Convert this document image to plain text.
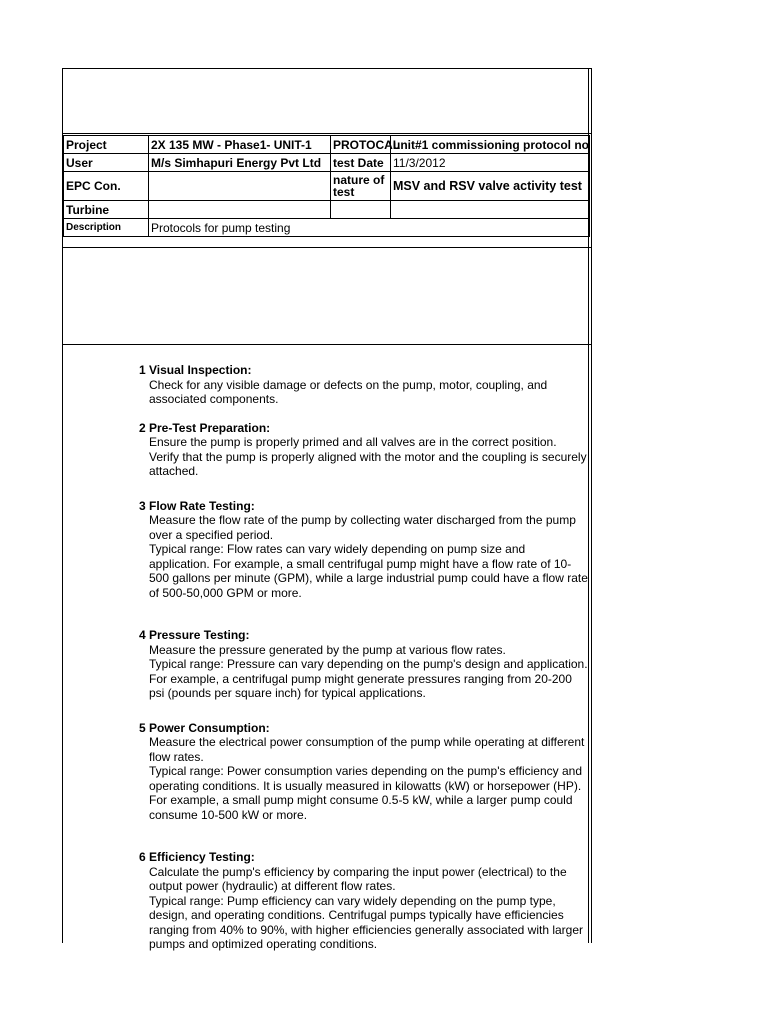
Project	2X 135 MW - Phase1- UNIT-1	PROTOCAL	unit#1 commissioning protocol no
User	M/s Simhapuri Energy Pvt Ltd	test Date	11/3/2012
EPC Con.		nature of test	MSV and RSV valve activity test
Turbine			
Description	Protocols for pump testing		
1 Visual Inspection:

Check for any visible damage or defects on the pump, motor, coupling, and associated components.

2 Pre-Test Preparation:

Ensure the pump is properly primed and all valves are in the correct position.

Verify that the pump is properly aligned with the motor and the coupling is securely attached.

3 Flow Rate Testing:

Measure the flow rate of the pump by collecting water discharged from the pump over a specified period.

Typical range: Flow rates can vary widely depending on pump size and application. For example, a small centrifugal pump might have a flow rate of 10-500 gallons per minute (GPM), while a large industrial pump could have a flow rate of 500-50,000 GPM or more.

4 Pressure Testing:

Measure the pressure generated by the pump at various flow rates.

Typical range: Pressure can vary depending on the pump's design and application. For example, a centrifugal pump might generate pressures ranging from 20-200 psi (pounds per square inch) for typical applications.

5 Power Consumption:

Measure the electrical power consumption of the pump while operating at different flow rates.

Typical range: Power consumption varies depending on the pump's efficiency and operating conditions. It is usually measured in kilowatts (kW) or horsepower (HP). For example, a small pump might consume 0.5-5 kW, while a larger pump could consume 10-500 kW or more.

6 Efficiency Testing:

Calculate the pump's efficiency by comparing the input power (electrical) to the output power (hydraulic) at different flow rates.

Typical range: Pump efficiency can vary widely depending on the pump type, design, and operating conditions. Centrifugal pumps typically have efficiencies ranging from 40% to 90%, with higher efficiencies generally associated with larger pumps and optimized operating conditions.
